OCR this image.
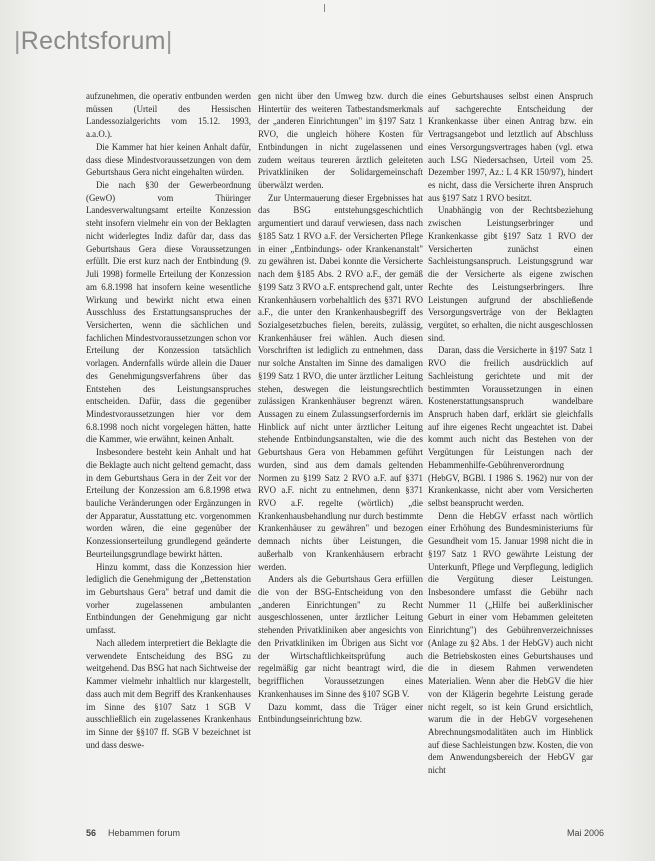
|Rechtsforum|

aufzunehmen, die operativ entbunden werden müssen (Urteil des Hessischen Landessozialgerichts vom 15.12. 1993, a.a.O.).

Die Kammer hat hier keinen Anhalt dafür, dass diese Mindestvoraussetzungen von dem Geburtshaus Gera nicht eingehalten würden.

Die nach §30 der Gewerbeordnung (GewO) vom Thüringer Landesverwaltungsamt erteilte Konzession steht insofern vielmehr ein von der Beklagten nicht widerlegtes Indiz dafür dar, dass das Geburtshaus Gera diese Voraussetzungen erfüllt. Die erst kurz nach der Entbindung (9. Juli 1998) formelle Erteilung der Konzession am 6.8.1998 hat insofern keine wesentliche Wirkung und bewirkt nicht etwa einen Ausschluss des Erstattungsanspruches der Versicherten, wenn die sächlichen und fachlichen Mindestvoraussetzungen schon vor Erteilung der Konzession tatsächlich vorlagen. Andernfalls würde allein die Dauer des Genehmigungsverfahrens über das Entstehen des Leistungsanspruches entscheiden. Dafür, dass die gegenüber Mindestvoraussetzungen hier vor dem 6.8.1998 noch nicht vorgelegen hätten, hatte die Kammer, wie erwähnt, keinen Anhalt.

Insbesondere besteht kein Anhalt und hat die Beklagte auch nicht geltend gemacht, dass in dem Geburtshaus Gera in der Zeit vor der Erteilung der Konzession am 6.8.1998 etwa bauliche Veränderungen oder Ergänzungen in der Apparatur, Ausstattung etc. vorgenommen worden wären, die eine gegenüber der Konzessionserteilung grundlegend geänderte Beurteilungsgrundlage bewirkt hätten.

Hinzu kommt, dass die Konzession hier lediglich die Genehmigung der „Bettenstation im Geburtshaus Gera" betraf und damit die vorher zugelassenen ambulanten Entbindungen der Genehmigung gar nicht umfasst.

Nach alledem interpretiert die Beklagte die verwendete Entscheidung des BSG zu weitgehend. Das BSG hat nach Sichtweise der Kammer vielmehr inhaltlich nur klargestellt, dass auch mit dem Begriff des Krankenhauses im Sinne des §107 Satz 1 SGB V ausschließlich ein zugelassenes Krankenhaus im Sinne der §§107 ff. SGB V bezeichnet ist und dass deswe-

gen nicht über den Umweg bzw. durch die Hintertür des weiteren Tatbestandsmerkmals der „anderen Einrichtungen" im §197 Satz 1 RVO, die ungleich höhere Kosten für Entbindungen in nicht zugelassenen und zudem weitaus teureren ärztlich geleiteten Privatkliniken der Solidargemeinschaft überwälzt werden.

Zur Untermauerung dieser Ergebnisses hat das BSG entstehungsgeschichtlich argumentiert und darauf verwiesen, dass nach §185 Satz 1 RVO a.F. der Versicherten Pflege in einer „Entbindungs- oder Krankenanstalt" zu gewähren ist. Dabei konnte die Versicherte nach dem §185 Abs. 2 RVO a.F., der gemäß §199 Satz 3 RVO a.F. entsprechend galt, unter Krankenhäusern vorbehaltlich des §371 RVO a.F., die unter den Krankenhausbegriff des Sozialgesetzbuches fielen, bereits, zulässig, Krankenhäuser frei wählen. Auch diesen Vorschriften ist lediglich zu entnehmen, dass nur solche Anstalten im Sinne des damaligen §199 Satz 1 RVO, die unter ärztlicher Leitung stehen, deswegen die leistungsrechtlich zulässigen Krankenhäuser begrenzt wären. Aussagen zu einem Zulassungserfordernis im Hinblick auf nicht unter ärztlicher Leitung stehende Entbindungsanstalten, wie die des Geburtshaus Gera von Hebammen geführt wurden, sind aus dem damals geltenden Normen zu §199 Satz 2 RVO a.F. auf §371 RVO a.F. nicht zu entnehmen, denn §371 RVO a.F. regelte (wörtlich) „die Krankenhausbehandlung nur durch bestimmte Krankenhäuser zu gewähren" und bezogen demnach nichts über Leistungen, die außerhalb von Krankenhäusern erbracht werden.

Anders als die Geburtshaus Gera erfüllen die von der BSG-Entscheidung von den „anderen Einrichtungen" zu Recht ausgeschlossenen, unter ärztlicher Leitung stehenden Privatkliniken aber angesichts von den Privatkliniken im Übrigen aus Sicht vor der Wirtschaftlichkeitsprüfung auch regelmäßig gar nicht beantragt wird, die begrifflichen Voraussetzungen eines Krankenhauses im Sinne des §107 SGB V.

Dazu kommt, dass die Träger einer Entbindungseinrichtung bzw.

eines Geburtshauses selbst einen Anspruch auf sachgerechte Entscheidung der Krankenkasse über einen Antrag bzw. ein Vertragsangebot und letztlich auf Abschluss eines Versorgungsvertrages haben (vgl. etwa auch LSG Niedersachsen, Urteil vom 25. Dezember 1997, Az.: L 4 KR 150/97), hindert es nicht, dass die Versicherte ihren Anspruch aus §197 Satz 1 RVO besitzt.

Unabhängig von der Rechtsbeziehung zwischen Leistungserbringer und Krankenkasse gibt §197 Satz 1 RVO der Versicherten zunächst einen Sachleistungsanspruch. Leistungsgrund war die der Versicherte als eigene zwischen Rechte des Leistungserbringers. Ihre Leistungen aufgrund der abschließende Versorgungsverträge von der Beklagten vergütet, so erhalten, die nicht ausgeschlossen sind.

Daran, dass die Versicherte in §197 Satz 1 RVO die freilich ausdrücklich auf Sachleistung gerichtete und mit der bestimmten Voraussetzungen in einen Kostenerstattungsanspruch wandelbare Anspruch haben darf, erklärt sie gleichfalls auf ihre eigenes Recht ungeachtet ist. Dabei kommt auch nicht das Bestehen von der Vergütungen für Leistungen nach der Hebammenhilfe-Gebührenverordnung (HebGV, BGBl. I 1986 S. 1962) nur von der Krankenkasse, nicht aber vom Versicherten selbst beansprucht werden.

Denn die HebGV erfasst nach wörtlich einer Erhöhung des Bundesministeriums für Gesundheit vom 15. Januar 1998 nicht die in §197 Satz 1 RVO gewährte Leistung der Unterkunft, Pflege und Verpflegung, lediglich die Vergütung dieser Leistungen. Insbesondere umfasst die Gebühr nach Nummer 11 („Hilfe bei außerklinischer Geburt in einer vom Hebammen geleiteten Einrichtung") des Gebührenverzeichnisses (Anlage zu §2 Abs. 1 der HebGV) auch nicht die Betriebskosten eines Geburtshauses und die in diesem Rahmen verwendeten Materialien. Wenn aber die HebGV die hier von der Klägerin begehrte Leistung gerade nicht regelt, so ist kein Grund ersichtlich, warum die in der HebGV vorgesehenen Abrechnungsmodalitäten auch im Hinblick auf diese Sachleistungen bzw. Kosten, die von dem Anwendungsbereich der HebGV gar nicht

56 Hebammen forum	Mai 2006
